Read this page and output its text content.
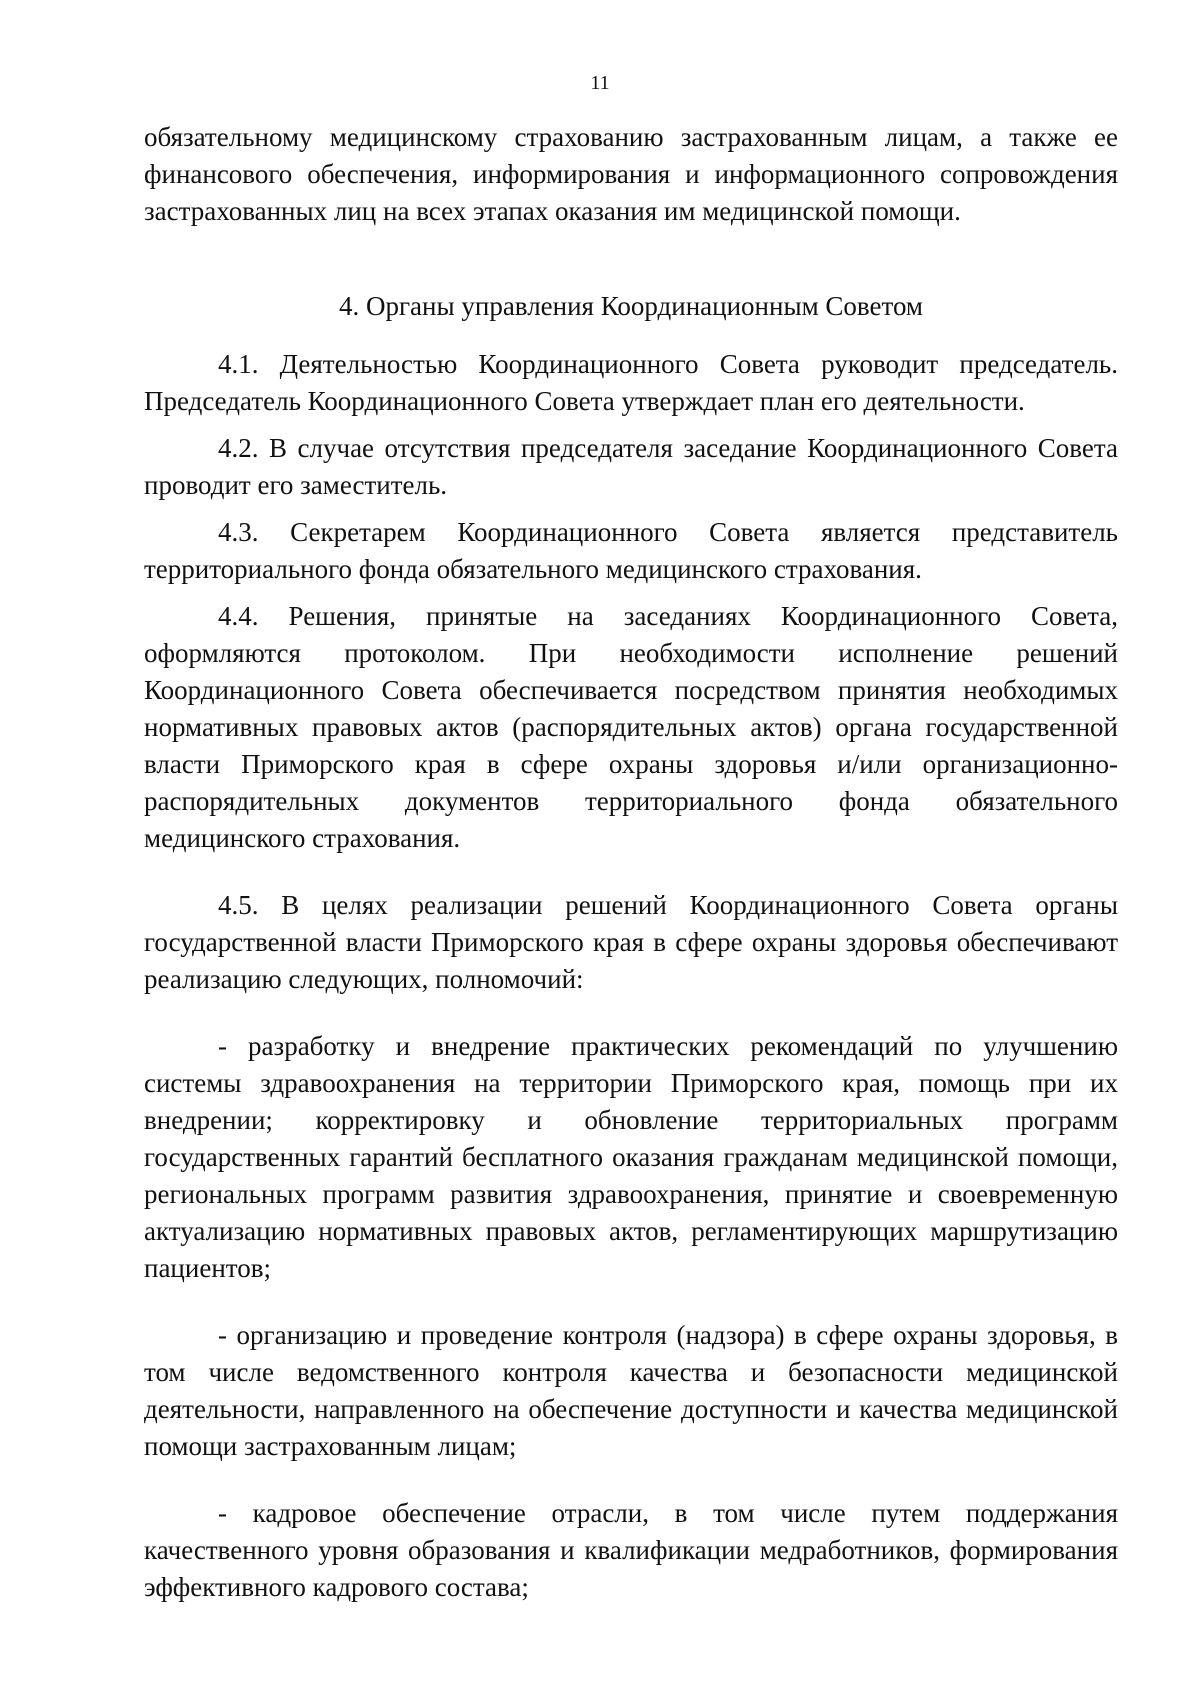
11

обязательному медицинскому страхованию застрахованным лицам, а также ее финансового обеспечения, информирования и информационного сопровождения застрахованных лиц на всех этапах оказания им медицинской помощи.

4. Органы управления Координационным Советом

4.1. Деятельностью Координационного Совета руководит председатель. Председатель Координационного Совета утверждает план его деятельности.

4.2. В случае отсутствия председателя заседание Координационного Совета проводит его заместитель.

4.3. Секретарем Координационного Совета является представитель территориального фонда обязательного медицинского страхования.

4.4. Решения, принятые на заседаниях Координационного Совета, оформляются протоколом. При необходимости исполнение решений Координационного Совета обеспечивается посредством принятия необходимых нормативных правовых актов (распорядительных актов) органа государственной власти Приморского края в сфере охраны здоровья и/или организационно-распорядительных документов территориального фонда обязательного медицинского страхования.

4.5. В целях реализации решений Координационного Совета органы государственной власти Приморского края в сфере охраны здоровья обеспечивают реализацию следующих, полномочий:

- разработку и внедрение практических рекомендаций по улучшению системы здравоохранения на территории Приморского края, помощь при их внедрении; корректировку и обновление территориальных программ государственных гарантий бесплатного оказания гражданам медицинской помощи, региональных программ развития здравоохранения, принятие и своевременную актуализацию нормативных правовых актов, регламентирующих маршрутизацию пациентов;

- организацию и проведение контроля (надзора) в сфере охраны здоровья, в том числе ведомственного контроля качества и безопасности медицинской деятельности, направленного на обеспечение доступности и качества медицинской помощи застрахованным лицам;

- кадровое обеспечение отрасли, в том числе путем поддержания качественного уровня образования и квалификации медработников, формирования эффективного кадрового состава;
